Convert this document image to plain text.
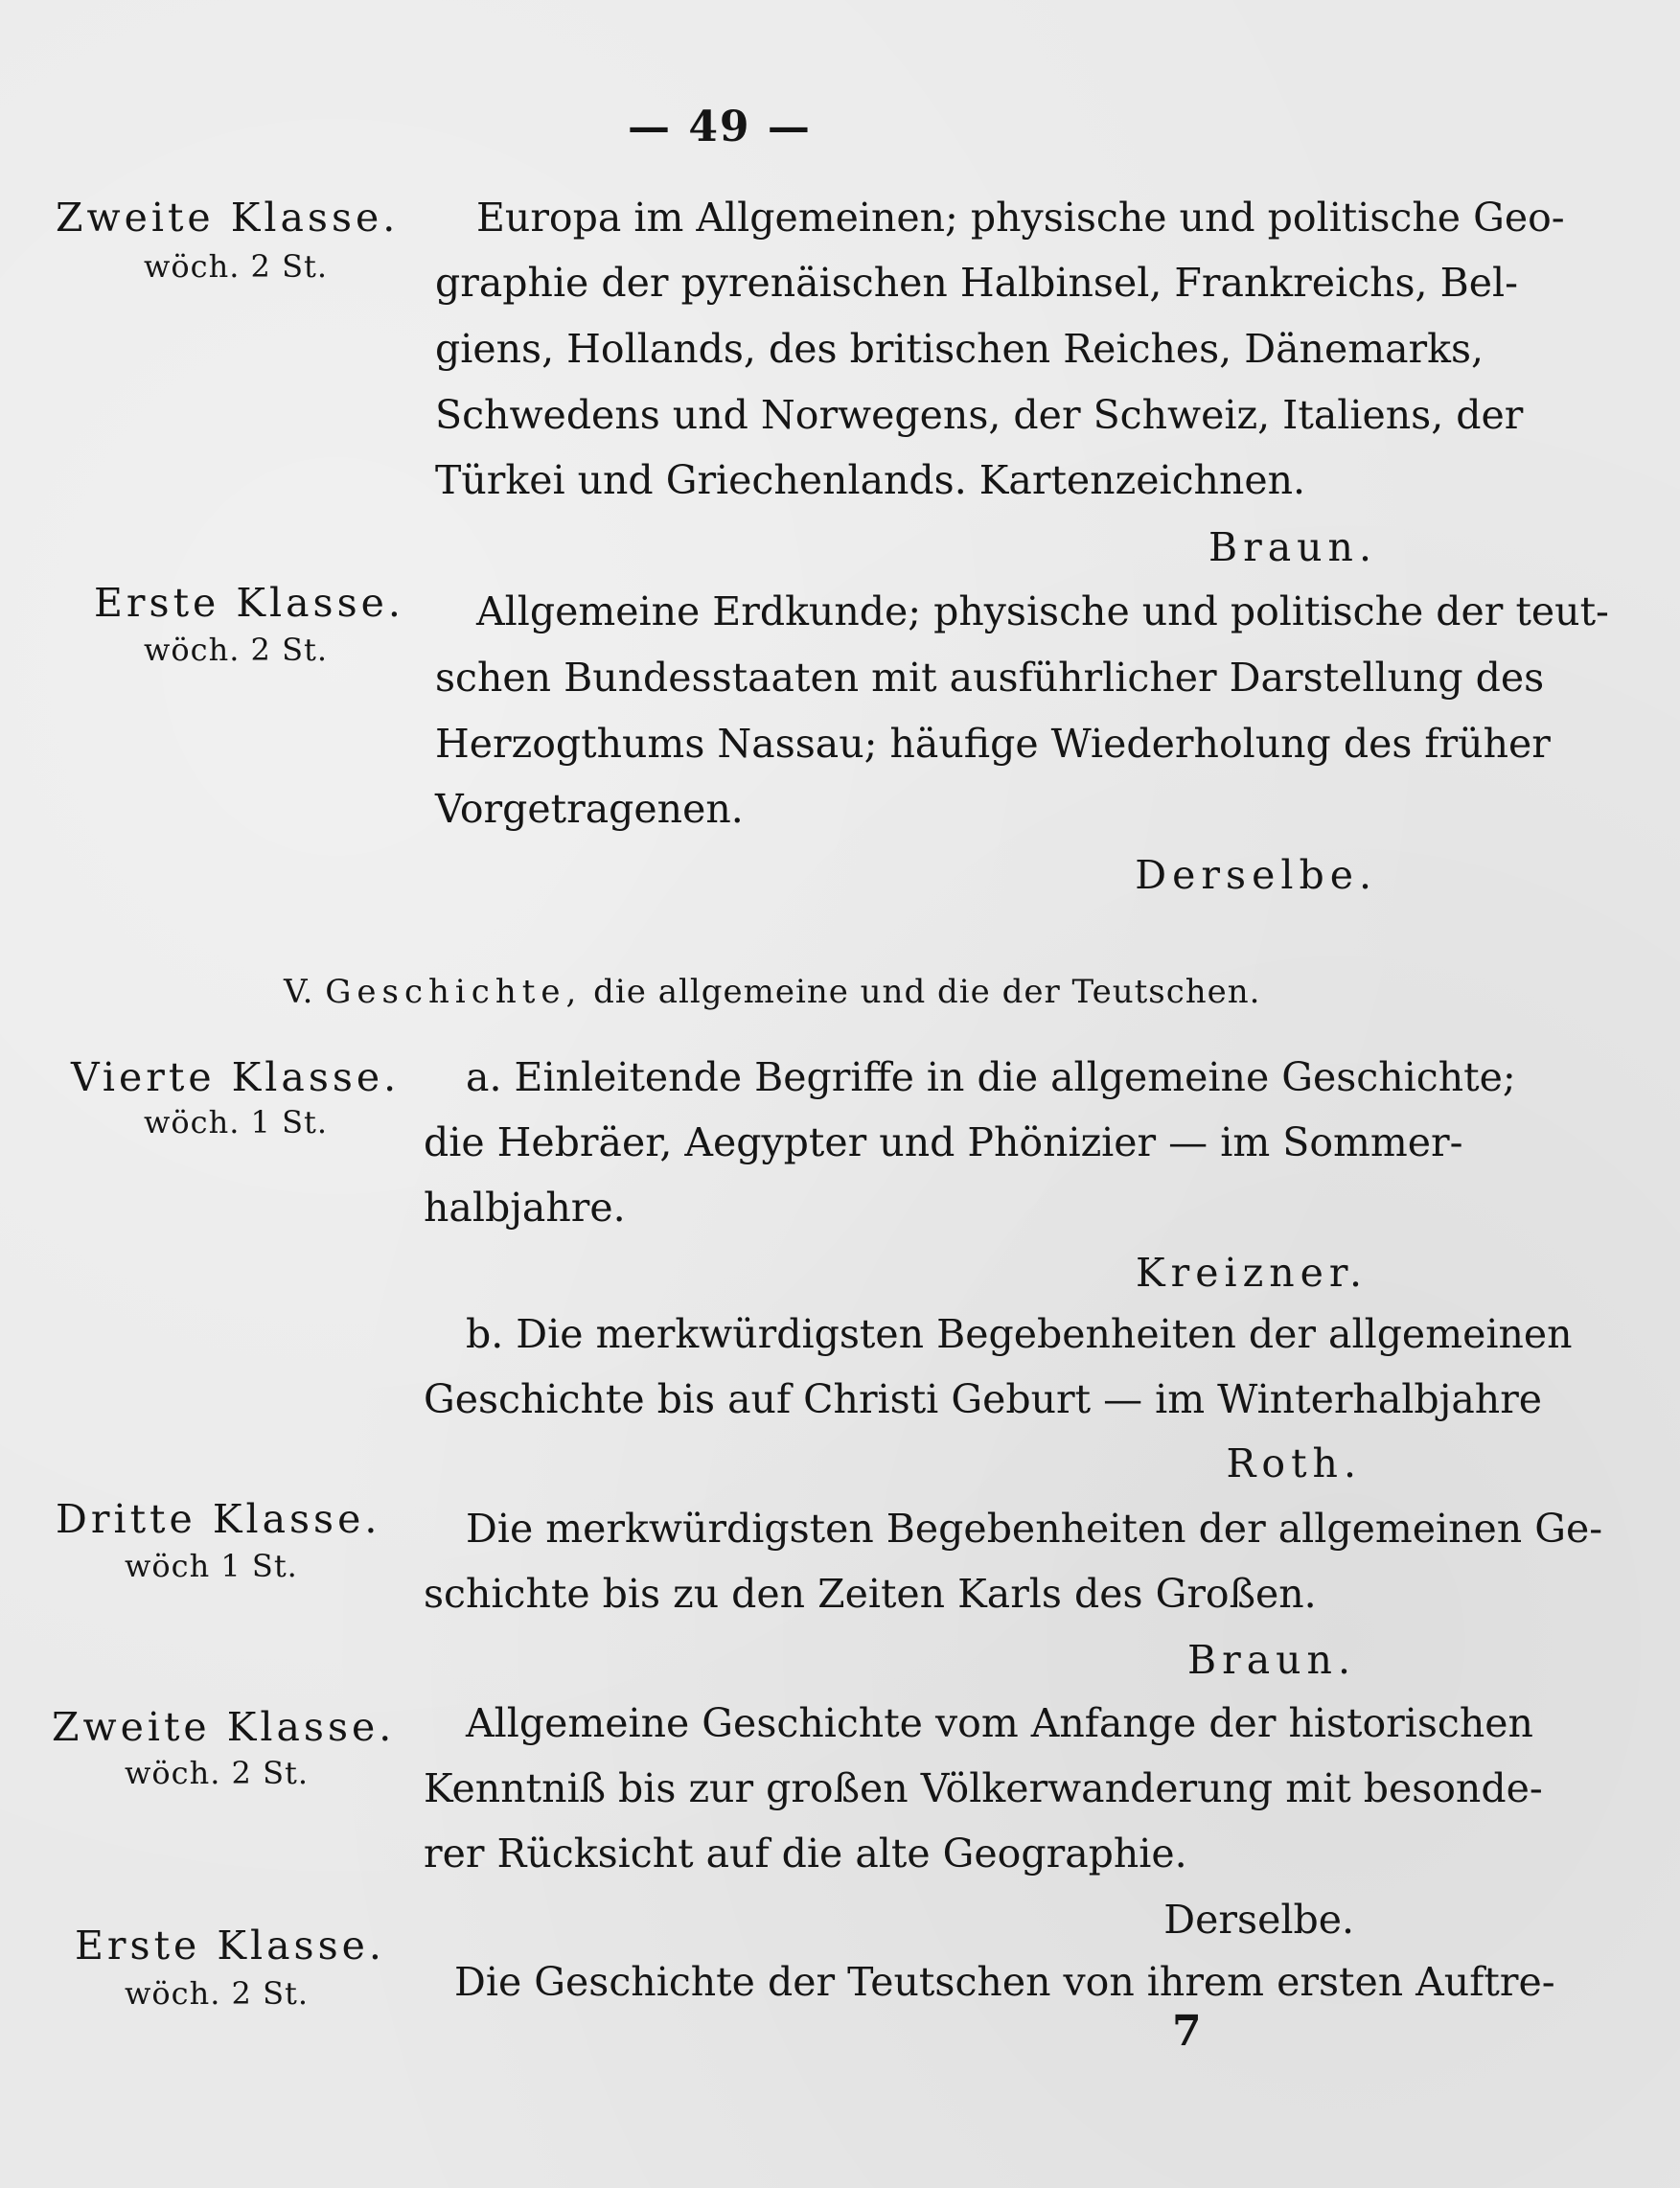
— 49 —
Zweite Klasse.
wöch. 2 St.
Europa im Allgemeinen; physische und politische Geo-
graphie der pyrenäischen Halbinsel, Frankreichs, Bel-
giens, Hollands, des britischen Reiches, Dänemarks,
Schwedens und Norwegens, der Schweiz, Italiens, der
Türkei und Griechenlands. Kartenzeichnen.
Braun.
Erste Klasse.
wöch. 2 St.
Allgemeine Erdkunde; physische und politische der teut-
schen Bundesstaaten mit ausführlicher Darstellung des
Herzogthums Nassau; häufige Wiederholung des früher
Vorgetragenen.
Derselbe.
V. Geschichte, die allgemeine und die der Teutschen.
Vierte Klasse.
wöch. 1 St.
a. Einleitende Begriffe in die allgemeine Geschichte;
die Hebräer, Aegypter und Phönizier — im Sommer-
halbjahre.
Kreizner.
b. Die merkwürdigsten Begebenheiten der allgemeinen
Geschichte bis auf Christi Geburt — im Winterhalbjahre
Roth.
Dritte Klasse.
wöch 1 St.
Die merkwürdigsten Begebenheiten der allgemeinen Ge-
schichte bis zu den Zeiten Karls des Großen.
Braun.
Zweite Klasse.
wöch. 2 St.
Allgemeine Geschichte vom Anfange der historischen
Kenntniß bis zur großen Völkerwanderung mit besonde-
rer Rücksicht auf die alte Geographie.
Derselbe.
Erste Klasse.
wöch. 2 St.	Die Geschichte der Teutschen von ihrem ersten Auftre-
7
